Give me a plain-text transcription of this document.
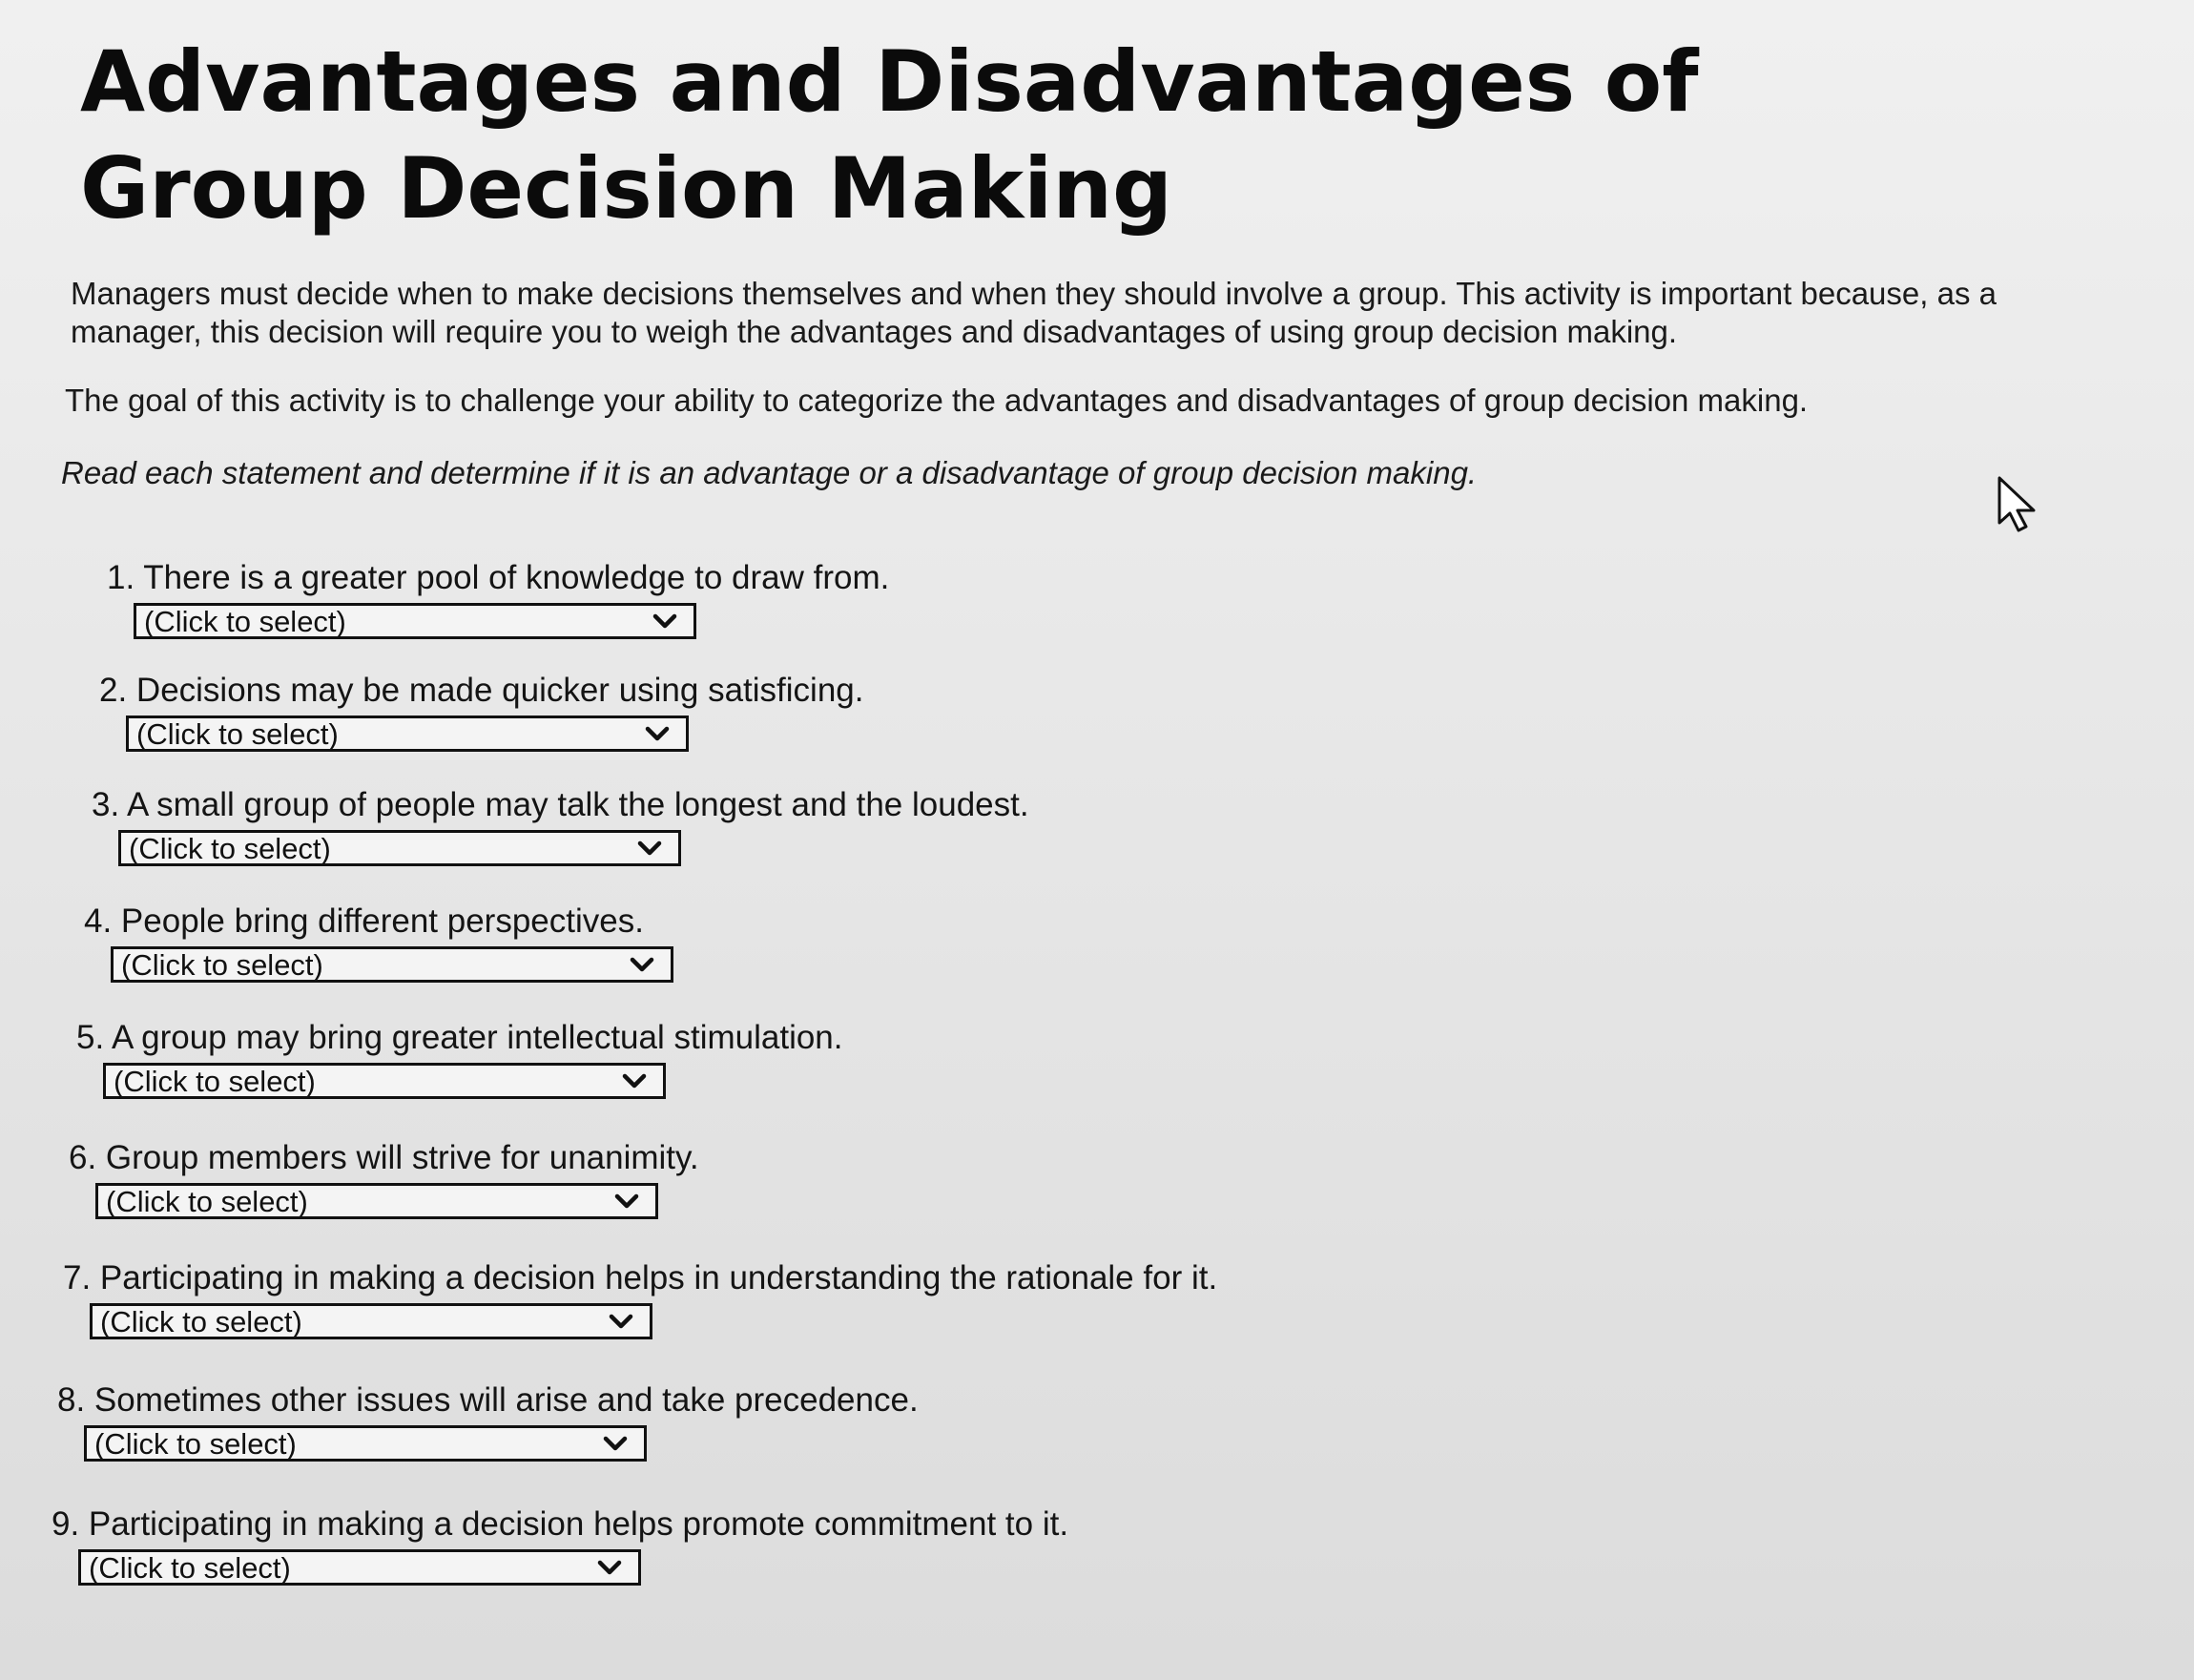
Advantages and Disadvantages of Group Decision Making

Managers must decide when to make decisions themselves and when they should involve a group. This activity is important because, as a manager, this decision will require you to weigh the advantages and disadvantages of using group decision making.

The goal of this activity is to challenge your ability to categorize the advantages and disadvantages of group decision making.

Read each statement and determine if it is an advantage or a disadvantage of group decision making.

1. There is a greater pool of knowledge to draw from.
(Click to select)
2. Decisions may be made quicker using satisficing.
(Click to select)
3. A small group of people may talk the longest and the loudest.
(Click to select)
4. People bring different perspectives.
(Click to select)
5. A group may bring greater intellectual stimulation.
(Click to select)
6. Group members will strive for unanimity.
(Click to select)
7. Participating in making a decision helps in understanding the rationale for it.
(Click to select)
8. Sometimes other issues will arise and take precedence.
(Click to select)
9. Participating in making a decision helps promote commitment to it.
(Click to select)
